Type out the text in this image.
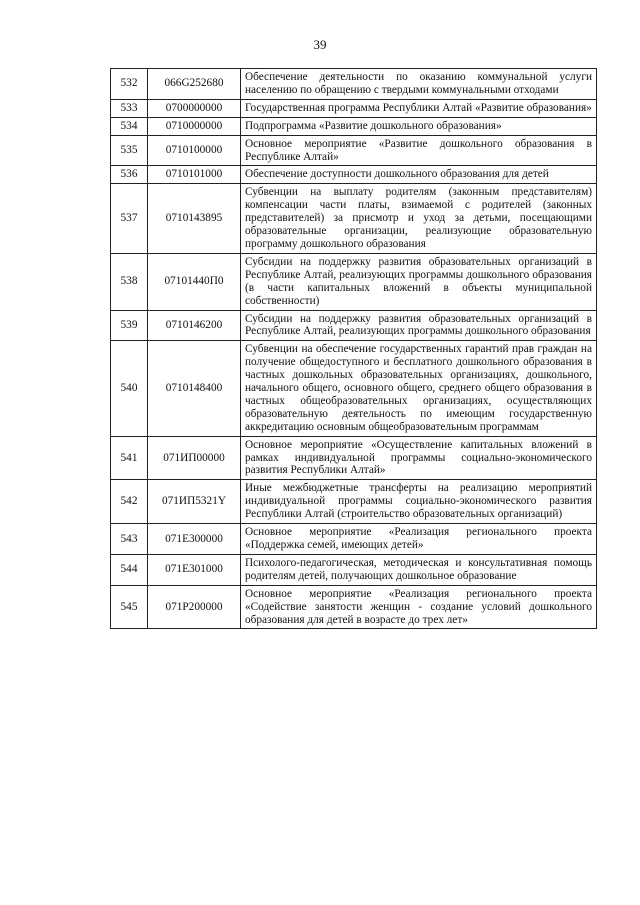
39
532	066G252680	Обеспечение деятельности по оказанию коммунальной услуги населению по обращению с твердыми коммунальными отходами
533	0700000000	Государственная программа Республики Алтай «Развитие образования»
534	0710000000	Подпрограмма «Развитие дошкольного образования»
535	0710100000	Основное мероприятие «Развитие дошкольного образования в Республике Алтай»
536	0710101000	Обеспечение доступности дошкольного образования для детей
537	0710143895	Субвенции на выплату родителям (законным представителям) компенсации части платы, взимаемой с родителей (законных представителей) за присмотр и уход за детьми, посещающими образовательные организации, реализующие образовательную программу дошкольного образования
538	07101440П0	Субсидии на поддержку развития образовательных организаций в Республике Алтай, реализующих программы дошкольного образования (в части капитальных вложений в объекты муниципальной собственности)
539	0710146200	Субсидии на поддержку развития образовательных организаций в Республике Алтай, реализующих программы дошкольного образования
540	0710148400	Субвенции на обеспечение государственных гарантий прав граждан на получение общедоступного и бесплатного дошкольного образования в частных дошкольных образовательных организациях, дошкольного, начального общего, основного общего, среднего общего образования в частных общеобразовательных организациях, осуществляющих образовательную деятельность по имеющим государственную аккредитацию основным общеобразовательным программам
541	071ИП00000	Основное мероприятие «Осуществление капитальных вложений в рамках индивидуальной программы социально-экономического развития Республики Алтай»
542	071ИП5321Y	Иные межбюджетные трансферты на реализацию мероприятий индивидуальной программы социально-экономического развития Республики Алтай (строительство образовательных организаций)
543	071E300000	Основное мероприятие «Реализация регионального проекта «Поддержка семей, имеющих детей»
544	071E301000	Психолого-педагогическая, методическая и консультативная помощь родителям детей, получающих дошкольное образование
545	071P200000	Основное мероприятие «Реализация регионального проекта «Содействие занятости женщин - создание условий дошкольного образования для детей в возрасте до трех лет»
